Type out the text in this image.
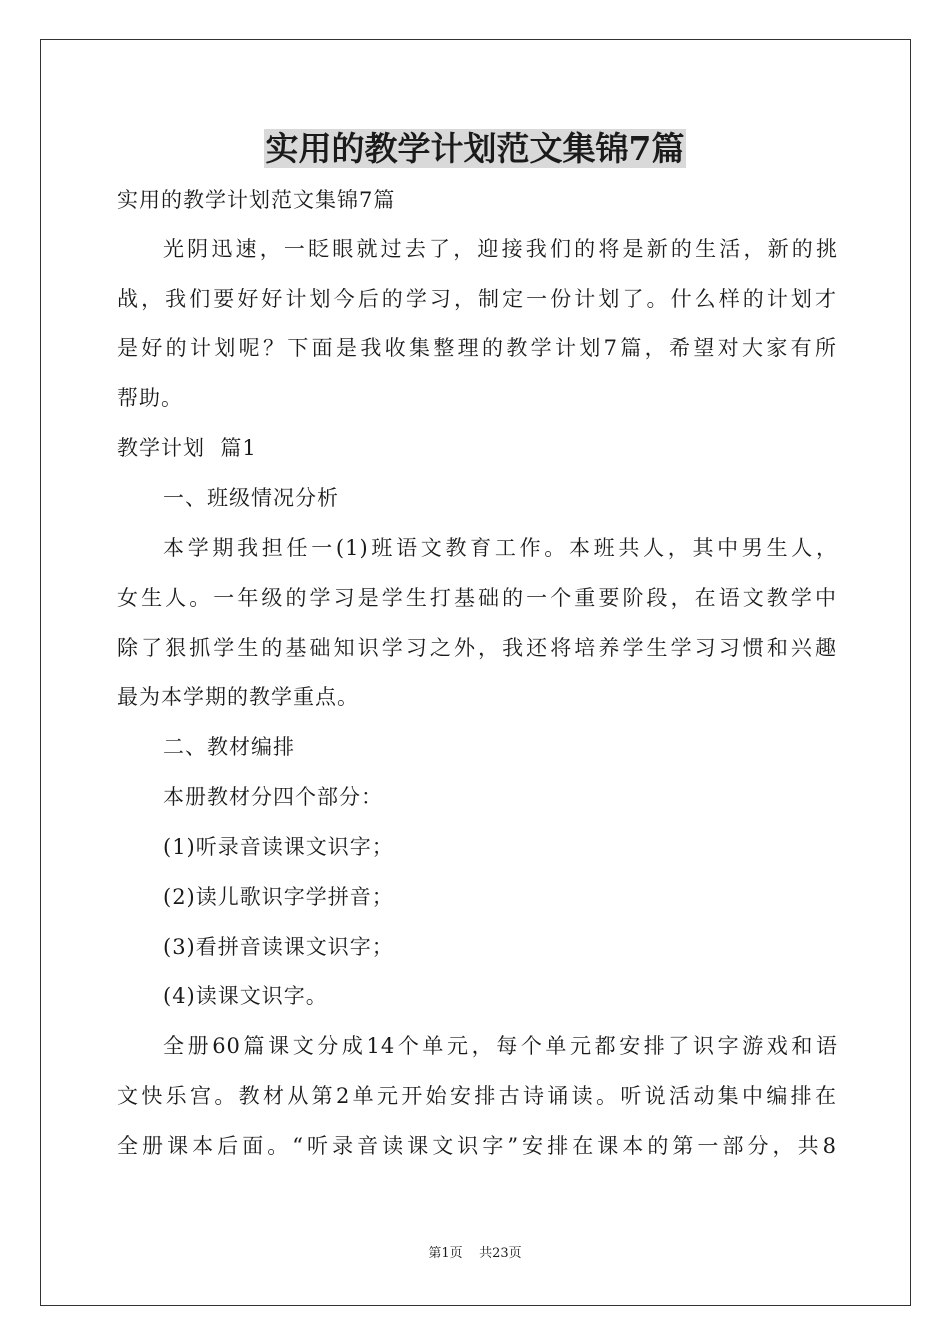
实用的教学计划范文集锦7篇
实用的教学计划范文集锦7篇
光阴迅速，一眨眼就过去了，迎接我们的将是新的生活，新的挑
战，我们要好好计划今后的学习，制定一份计划了。什么样的计划才
是好的计划呢？下面是我收集整理的教学计划7篇，希望对大家有所
帮助。
教学计划  篇1
一、班级情况分析
本学期我担任一(1)班语文教育工作。本班共人，其中男生人，
女生人。一年级的学习是学生打基础的一个重要阶段，在语文教学中
除了狠抓学生的基础知识学习之外，我还将培养学生学习习惯和兴趣
最为本学期的教学重点。
二、教材编排
本册教材分四个部分：
(1)听录音读课文识字；
(2)读儿歌识字学拼音；
(3)看拼音读课文识字；
(4)读课文识字。
全册60篇课文分成14个单元，每个单元都安排了识字游戏和语
文快乐宫。教材从第2单元开始安排古诗诵读。听说活动集中编排在
全册课本后面。“听录音读课文识字”安排在课本的第一部分，共8
第1页    共23页
